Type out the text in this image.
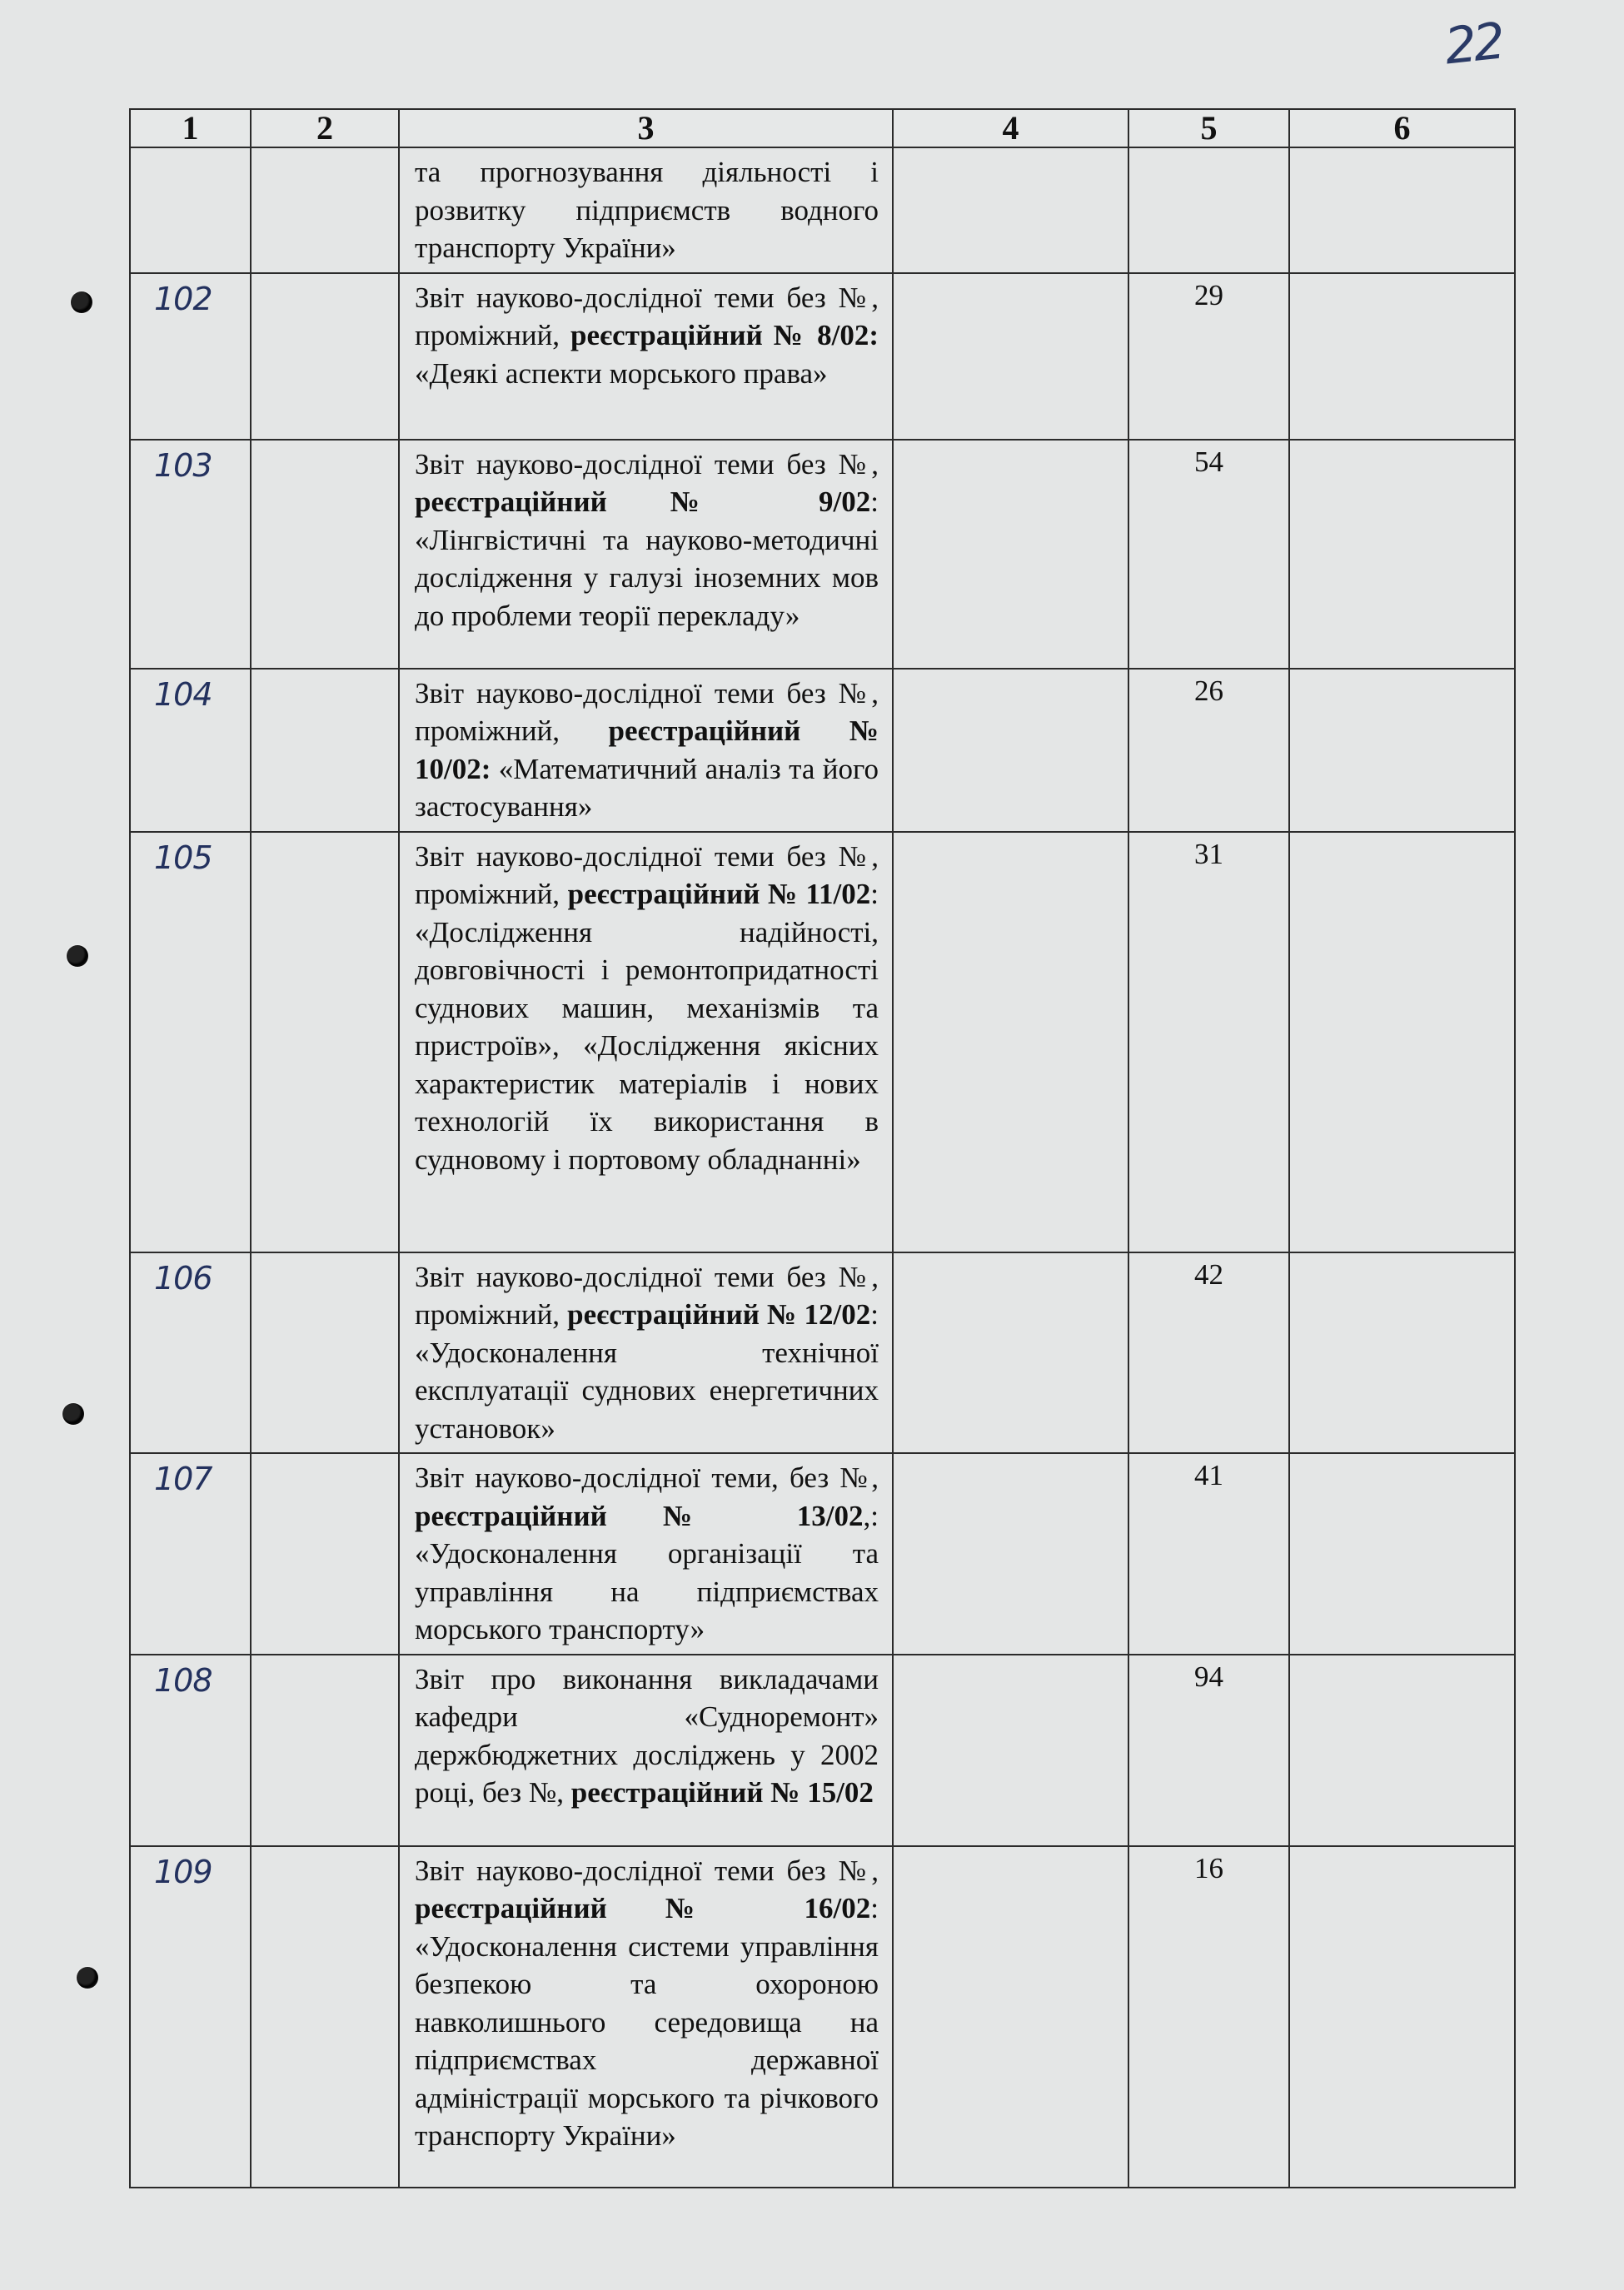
22
1	2	3	4	5	6
		та прогнозування діяльності і розвитку підприємств водного транспорту України»			
102		Звіт науково-дослідної теми без №, проміжний, реєстраційний № 8/02: «Деякі аспекти морського права»		29	
103		Звіт науково-дослідної теми без №, реєстраційний № 9/02: «Лінгвістичні та науково-методичні дослідження у галузі іноземних мов до проблеми теорії перекладу»		54	
104		Звіт науково-дослідної теми без №, проміжний, реєстраційний № 10/02: «Математичний аналіз та його застосування»		26	
105		Звіт науково-дослідної теми без №, проміжний, реєстраційний № 11/02: «Дослідження надійності, довговічності і ремонтопридатності суднових машин, механізмів та пристроїв», «Дослідження якісних характеристик матеріалів і нових технологій їх використання в судновому і портовому обладнанні»		31	
106		Звіт науково-дослідної теми без №, проміжний, реєстраційний № 12/02: «Удосконалення технічної експлуатації суднових енергетичних установок»		42	
107		Звіт науково-дослідної теми, без №, реєстраційний № 13/02,: «Удосконалення організації та управління на підприємствах морського транспорту»		41	
108		Звіт про виконання викладачами кафедри «Судноремонт» держбюджетних досліджень у 2002 році, без №, реєстраційний № 15/02		94	
109		Звіт науково-дослідної теми без №, реєстраційний № 16/02: «Удосконалення системи управління безпекою та охороною навколишнього середовища на підприємствах державної адміністрації морського та річкового транспорту України»		16	
